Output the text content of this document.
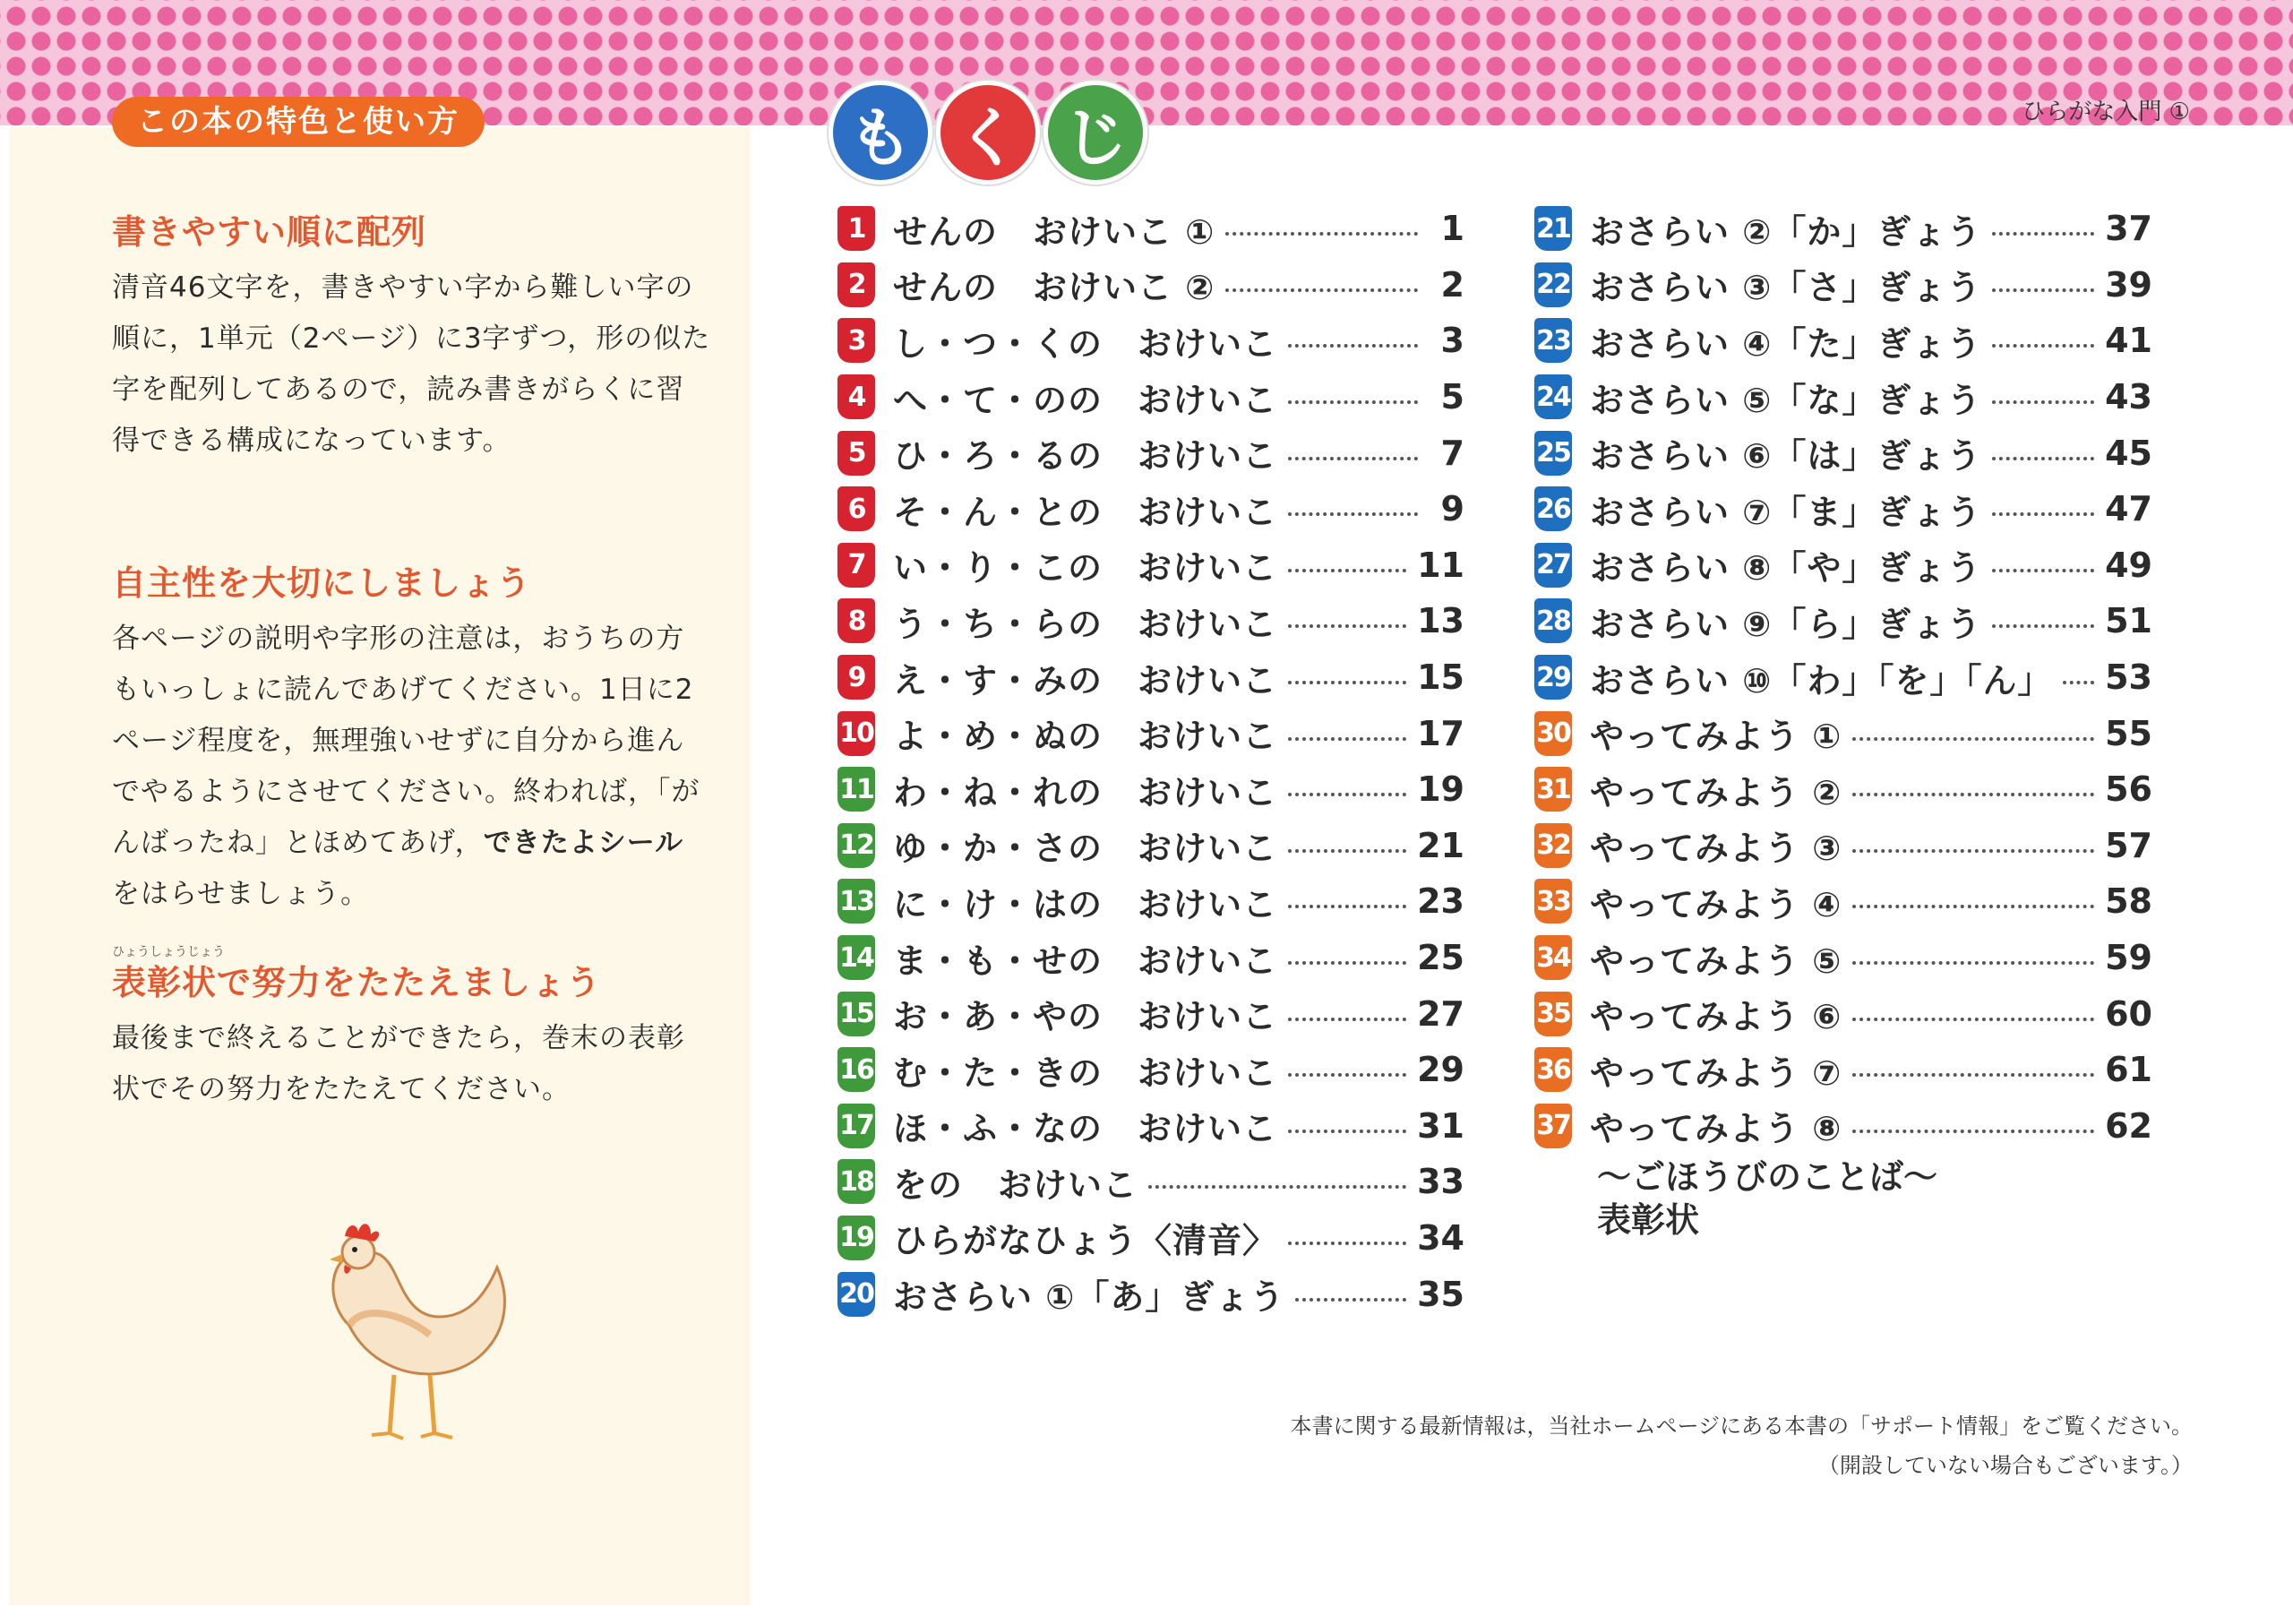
ひらがな入門 ①
この本の特色と使い方
書きやすい順に配列

清音46文字を，書きやすい字から難しい字の順に，1単元（2ページ）に3字ずつ，形の似た字を配列してあるので，読み書きがらくに習得できる構成になっています。

自主性を大切にしましょう

各ページの説明や字形の注意は，おうちの方もいっしょに読んであげてください。1日に2ページ程度を，無理強いせずに自分から進んでやるようにさせてください。終われば，「がんばったね」とほめてあげ，できたよシールをはらせましょう。

ひょうしょうじょう
表彰状で努力をたたえましょう

最後まで終えることができたら，巻末の表彰状でその努力をたたえてください。

も く じ
1 せんの　おけいこ ①	1
2 せんの　おけいこ ②	2
3 し・つ・くの　おけいこ	3
4 へ・て・のの　おけいこ	5
5 ひ・ろ・るの　おけいこ	7
6 そ・ん・との　おけいこ	9
7 い・り・この　おけいこ	11
8 う・ち・らの　おけいこ	13
9 え・す・みの　おけいこ	15
10 よ・め・ぬの　おけいこ	17
11 わ・ね・れの　おけいこ	19
12 ゆ・か・さの　おけいこ	21
13 に・け・はの　おけいこ	23
14 ま・も・せの　おけいこ	25
15 お・あ・やの　おけいこ	27
16 む・た・きの　おけいこ	29
17 ほ・ふ・なの　おけいこ	31
18 をの　おけいこ	33
19 ひらがなひょう〈清音〉	34
20 おさらい ①「あ」ぎょう	35
21 おさらい ②「か」ぎょう	37
22 おさらい ③「さ」ぎょう	39
23 おさらい ④「た」ぎょう	41
24 おさらい ⑤「な」ぎょう	43
25 おさらい ⑥「は」ぎょう	45
26 おさらい ⑦「ま」ぎょう	47
27 おさらい ⑧「や」ぎょう	49
28 おさらい ⑨「ら」ぎょう	51
29 おさらい ⑩「わ」「を」「ん」 53
30 やってみよう ①	55
31 やってみよう ②	56
32 やってみよう ③	57
33 やってみよう ④	58
34 やってみよう ⑤	59
35 やってみよう ⑥	60
36 やってみよう ⑦	61
37 やってみよう ⑧	62
〜ごほうびのことば〜
表彰状
本書に関する最新情報は，当社ホームページにある本書の「サポート情報」をご覧ください。
（開設していない場合もございます。）
